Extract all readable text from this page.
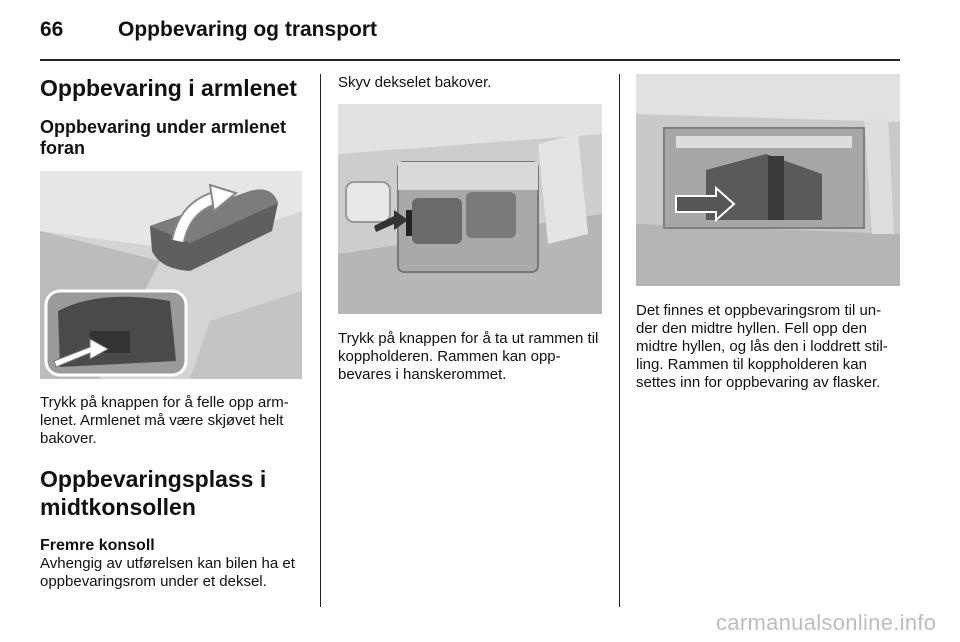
66	Oppbevaring og transport
Oppbevaring i armlenet
Oppbevaring under armlenet foran

Trykk på knappen for å felle opp arm-lenet. Armlenet må være skjøvet helt bakover.

Oppbevaringsplass i midtkonsollen
Fremre konsoll

Avhengig av utførelsen kan bilen ha et oppbevaringsrom under et deksel.

Skyv dekselet bakover.

Trykk på knappen for å ta ut rammen til koppholderen. Rammen kan opp-bevares i hanskerommet.

Det finnes et oppbevaringsrom til un-der den midtre hyllen. Fell opp den midtre hyllen, og lås den i loddrett stil-ling. Rammen til koppholderen kan settes inn for oppbevaring av flasker.

carmanualsonline.info
